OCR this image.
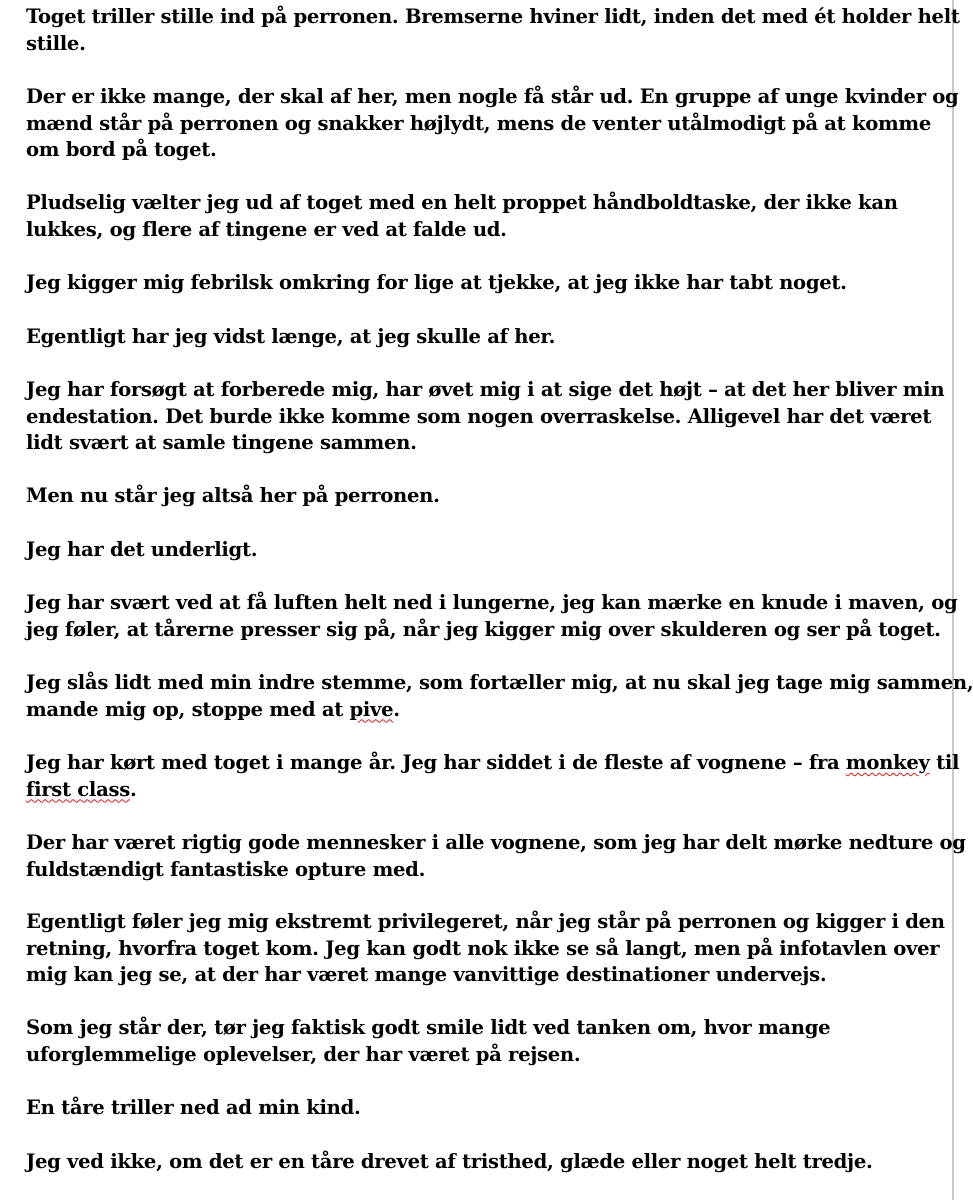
Toget triller stille ind på perronen. Bremserne hviner lidt, inden det med ét holder helt
stille.

Der er ikke mange, der skal af her, men nogle få står ud. En gruppe af unge kvinder og
mænd står på perronen og snakker højlydt, mens de venter utålmodigt på at komme
om bord på toget.

Pludselig vælter jeg ud af toget med en helt proppet håndboldtaske, der ikke kan
lukkes, og flere af tingene er ved at falde ud.

Jeg kigger mig febrilsk omkring for lige at tjekke, at jeg ikke har tabt noget.

Egentligt har jeg vidst længe, at jeg skulle af her.

Jeg har forsøgt at forberede mig, har øvet mig i at sige det højt – at det her bliver min
endestation. Det burde ikke komme som nogen overraskelse. Alligevel har det været
lidt svært at samle tingene sammen.

Men nu står jeg altså her på perronen.

Jeg har det underligt.

Jeg har svært ved at få luften helt ned i lungerne, jeg kan mærke en knude i maven, og
jeg føler, at tårerne presser sig på, når jeg kigger mig over skulderen og ser på toget.

Jeg slås lidt med min indre stemme, som fortæller mig, at nu skal jeg tage mig sammen,
mande mig op, stoppe med at pive.

Jeg har kørt med toget i mange år. Jeg har siddet i de fleste af vognene – fra monkey til
first class.

Der har været rigtig gode mennesker i alle vognene, som jeg har delt mørke nedture og
fuldstændigt fantastiske opture med.

Egentligt føler jeg mig ekstremt privilegeret, når jeg står på perronen og kigger i den
retning, hvorfra toget kom. Jeg kan godt nok ikke se så langt, men på infotavlen over
mig kan jeg se, at der har været mange vanvittige destinationer undervejs.

Som jeg står der, tør jeg faktisk godt smile lidt ved tanken om, hvor mange
uforglemmelige oplevelser, der har været på rejsen.

En tåre triller ned ad min kind.

Jeg ved ikke, om det er en tåre drevet af tristhed, glæde eller noget helt tredje.
